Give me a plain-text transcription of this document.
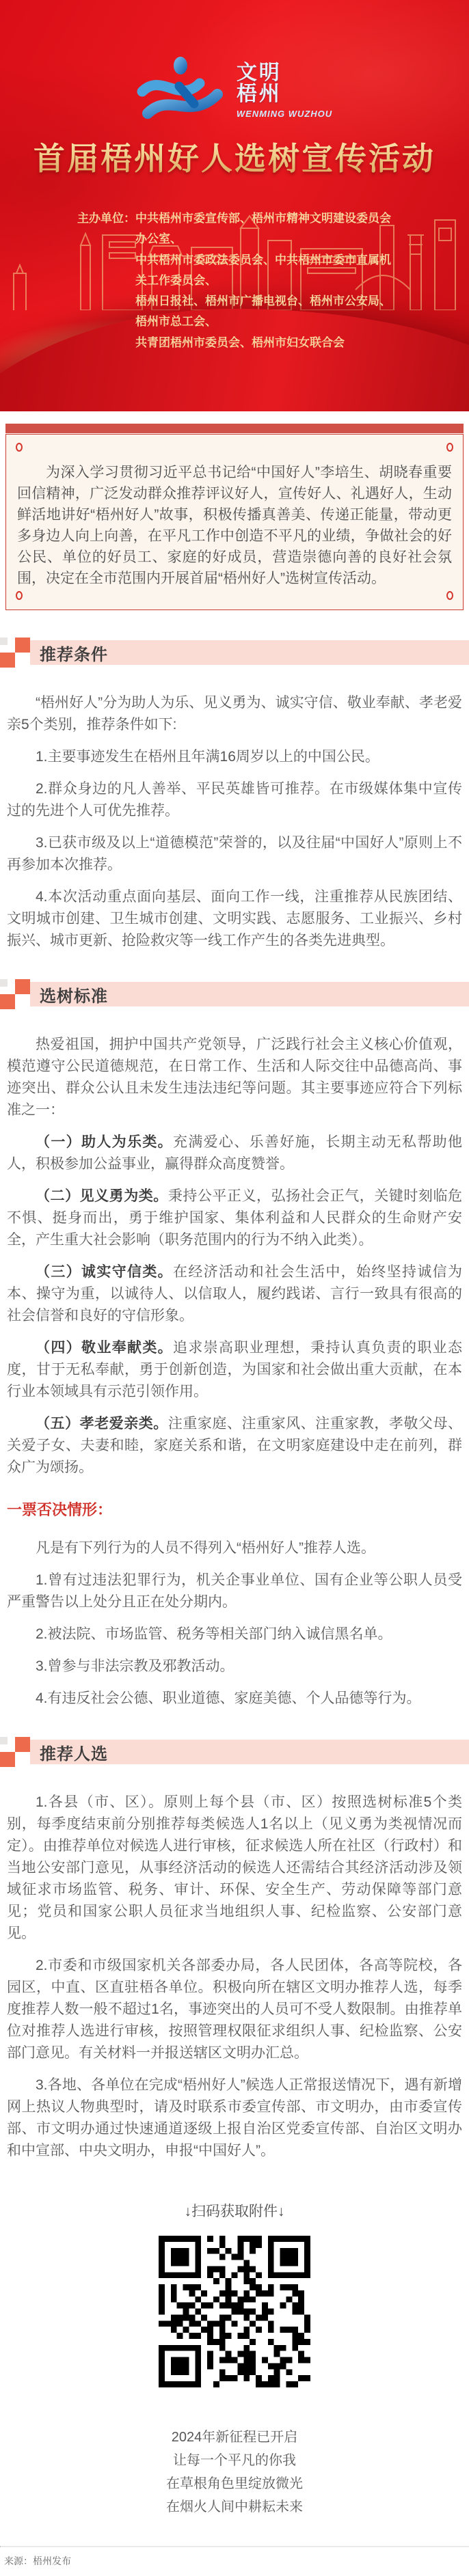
文明
梧州
WENMING WUZHOU
首届梧州好人选树宣传活动
主办单位： 中共梧州市委宣传部、梧州市精神文明建设委员会办公室、
中共梧州市委政法委员会、中共梧州市委市直属机关工作委员会、
梧州日报社、梧州市广播电视台、梧州市公安局、梧州市总工会、
共青团梧州市委员会、梧州市妇女联合会

为深入学习贯彻习近平总书记给“中国好人”李培生、胡晓春重要回信精神，广泛发动群众推荐评议好人，宣传好人、礼遇好人，生动鲜活地讲好“梧州好人”故事，积极传播真善美、传递正能量，带动更多身边人向上向善，在平凡工作中创造不平凡的业绩，争做社会的好公民、单位的好员工、家庭的好成员，营造崇德向善的良好社会氛围，决定在全市范围内开展首届“梧州好人”选树宣传活动。

推荐条件

“梧州好人”分为助人为乐、见义勇为、诚实守信、敬业奉献、孝老爱亲5个类别，推荐条件如下:

1.主要事迹发生在梧州且年满16周岁以上的中国公民。

2.群众身边的凡人善举、平民英雄皆可推荐。在市级媒体集中宣传过的先进个人可优先推荐。

3.已获市级及以上“道德模范”荣誉的，以及往届“中国好人”原则上不再参加本次推荐。

4.本次活动重点面向基层、面向工作一线，注重推荐从民族团结、文明城市创建、卫生城市创建、文明实践、志愿服务、工业振兴、乡村振兴、城市更新、抢险救灾等一线工作产生的各类先进典型。

选树标准

热爱祖国，拥护中国共产党领导，广泛践行社会主义核心价值观，模范遵守公民道德规范，在日常工作、生活和人际交往中品德高尚、事迹突出、群众公认且未发生违法违纪等问题。其主要事迹应符合下列标准之一：

（一）助人为乐类。充满爱心、乐善好施，长期主动无私帮助他人，积极参加公益事业，赢得群众高度赞誉。

（二）见义勇为类。秉持公平正义，弘扬社会正气，关键时刻临危不惧、挺身而出，勇于维护国家、集体利益和人民群众的生命财产安全，产生重大社会影响（职务范围内的行为不纳入此类）。

（三）诚实守信类。在经济活动和社会生活中，始终坚持诚信为本、操守为重，以诚待人、以信取人，履约践诺、言行一致具有很高的社会信誉和良好的守信形象。

（四）敬业奉献类。追求崇高职业理想，秉持认真负责的职业态度，甘于无私奉献，勇于创新创造，为国家和社会做出重大贡献，在本行业本领域具有示范引领作用。

（五）孝老爱亲类。注重家庭、注重家风、注重家教，孝敬父母、关爱子女、夫妻和睦，家庭关系和谐，在文明家庭建设中走在前列，群众广为颂扬。

一票否决情形：

凡是有下列行为的人员不得列入“梧州好人”推荐人选。

1.曾有过违法犯罪行为，机关企事业单位、国有企业等公职人员受严重警告以上处分且正在处分期内。

2.被法院、市场监管、税务等相关部门纳入诚信黑名单。

3.曾参与非法宗教及邪教活动。

4.有违反社会公德、职业道德、家庭美德、个人品德等行为。

推荐人选

1.各县（市、区）。原则上每个县（市、区）按照选树标准5个类别，每季度结束前分别推荐每类候选人1名以上（见义勇为类视情况而定）。由推荐单位对候选人进行审核，征求候选人所在社区（行政村）和当地公安部门意见，从事经济活动的候选人还需结合其经济活动涉及领域征求市场监管、税务、审计、环保、安全生产、劳动保障等部门意见；党员和国家公职人员征求当地组织人事、纪检监察、公安部门意见。

2.市委和市级国家机关各部委办局，各人民团体，各高等院校，各园区，中直、区直驻梧各单位。积极向所在辖区文明办推荐人选，每季度推荐人数一般不超过1名，事迹突出的人员可不受人数限制。由推荐单位对推荐人选进行审核，按照管理权限征求组织人事、纪检监察、公安部门意见。有关材料一并报送辖区文明办汇总。

3.各地、各单位在完成“梧州好人”候选人正常报送情况下，遇有新增网上热议人物典型时，请及时联系市委宣传部、市文明办，由市委宣传部、市文明办通过快速通道逐级上报自治区党委宣传部、自治区文明办和中宣部、中央文明办，申报“中国好人”。

↓扫码获取附件↓
2024年新征程已开启
让每一个平凡的你我
在草根角色里绽放微光
在烟火人间中耕耘未来
来源：梧州发布
